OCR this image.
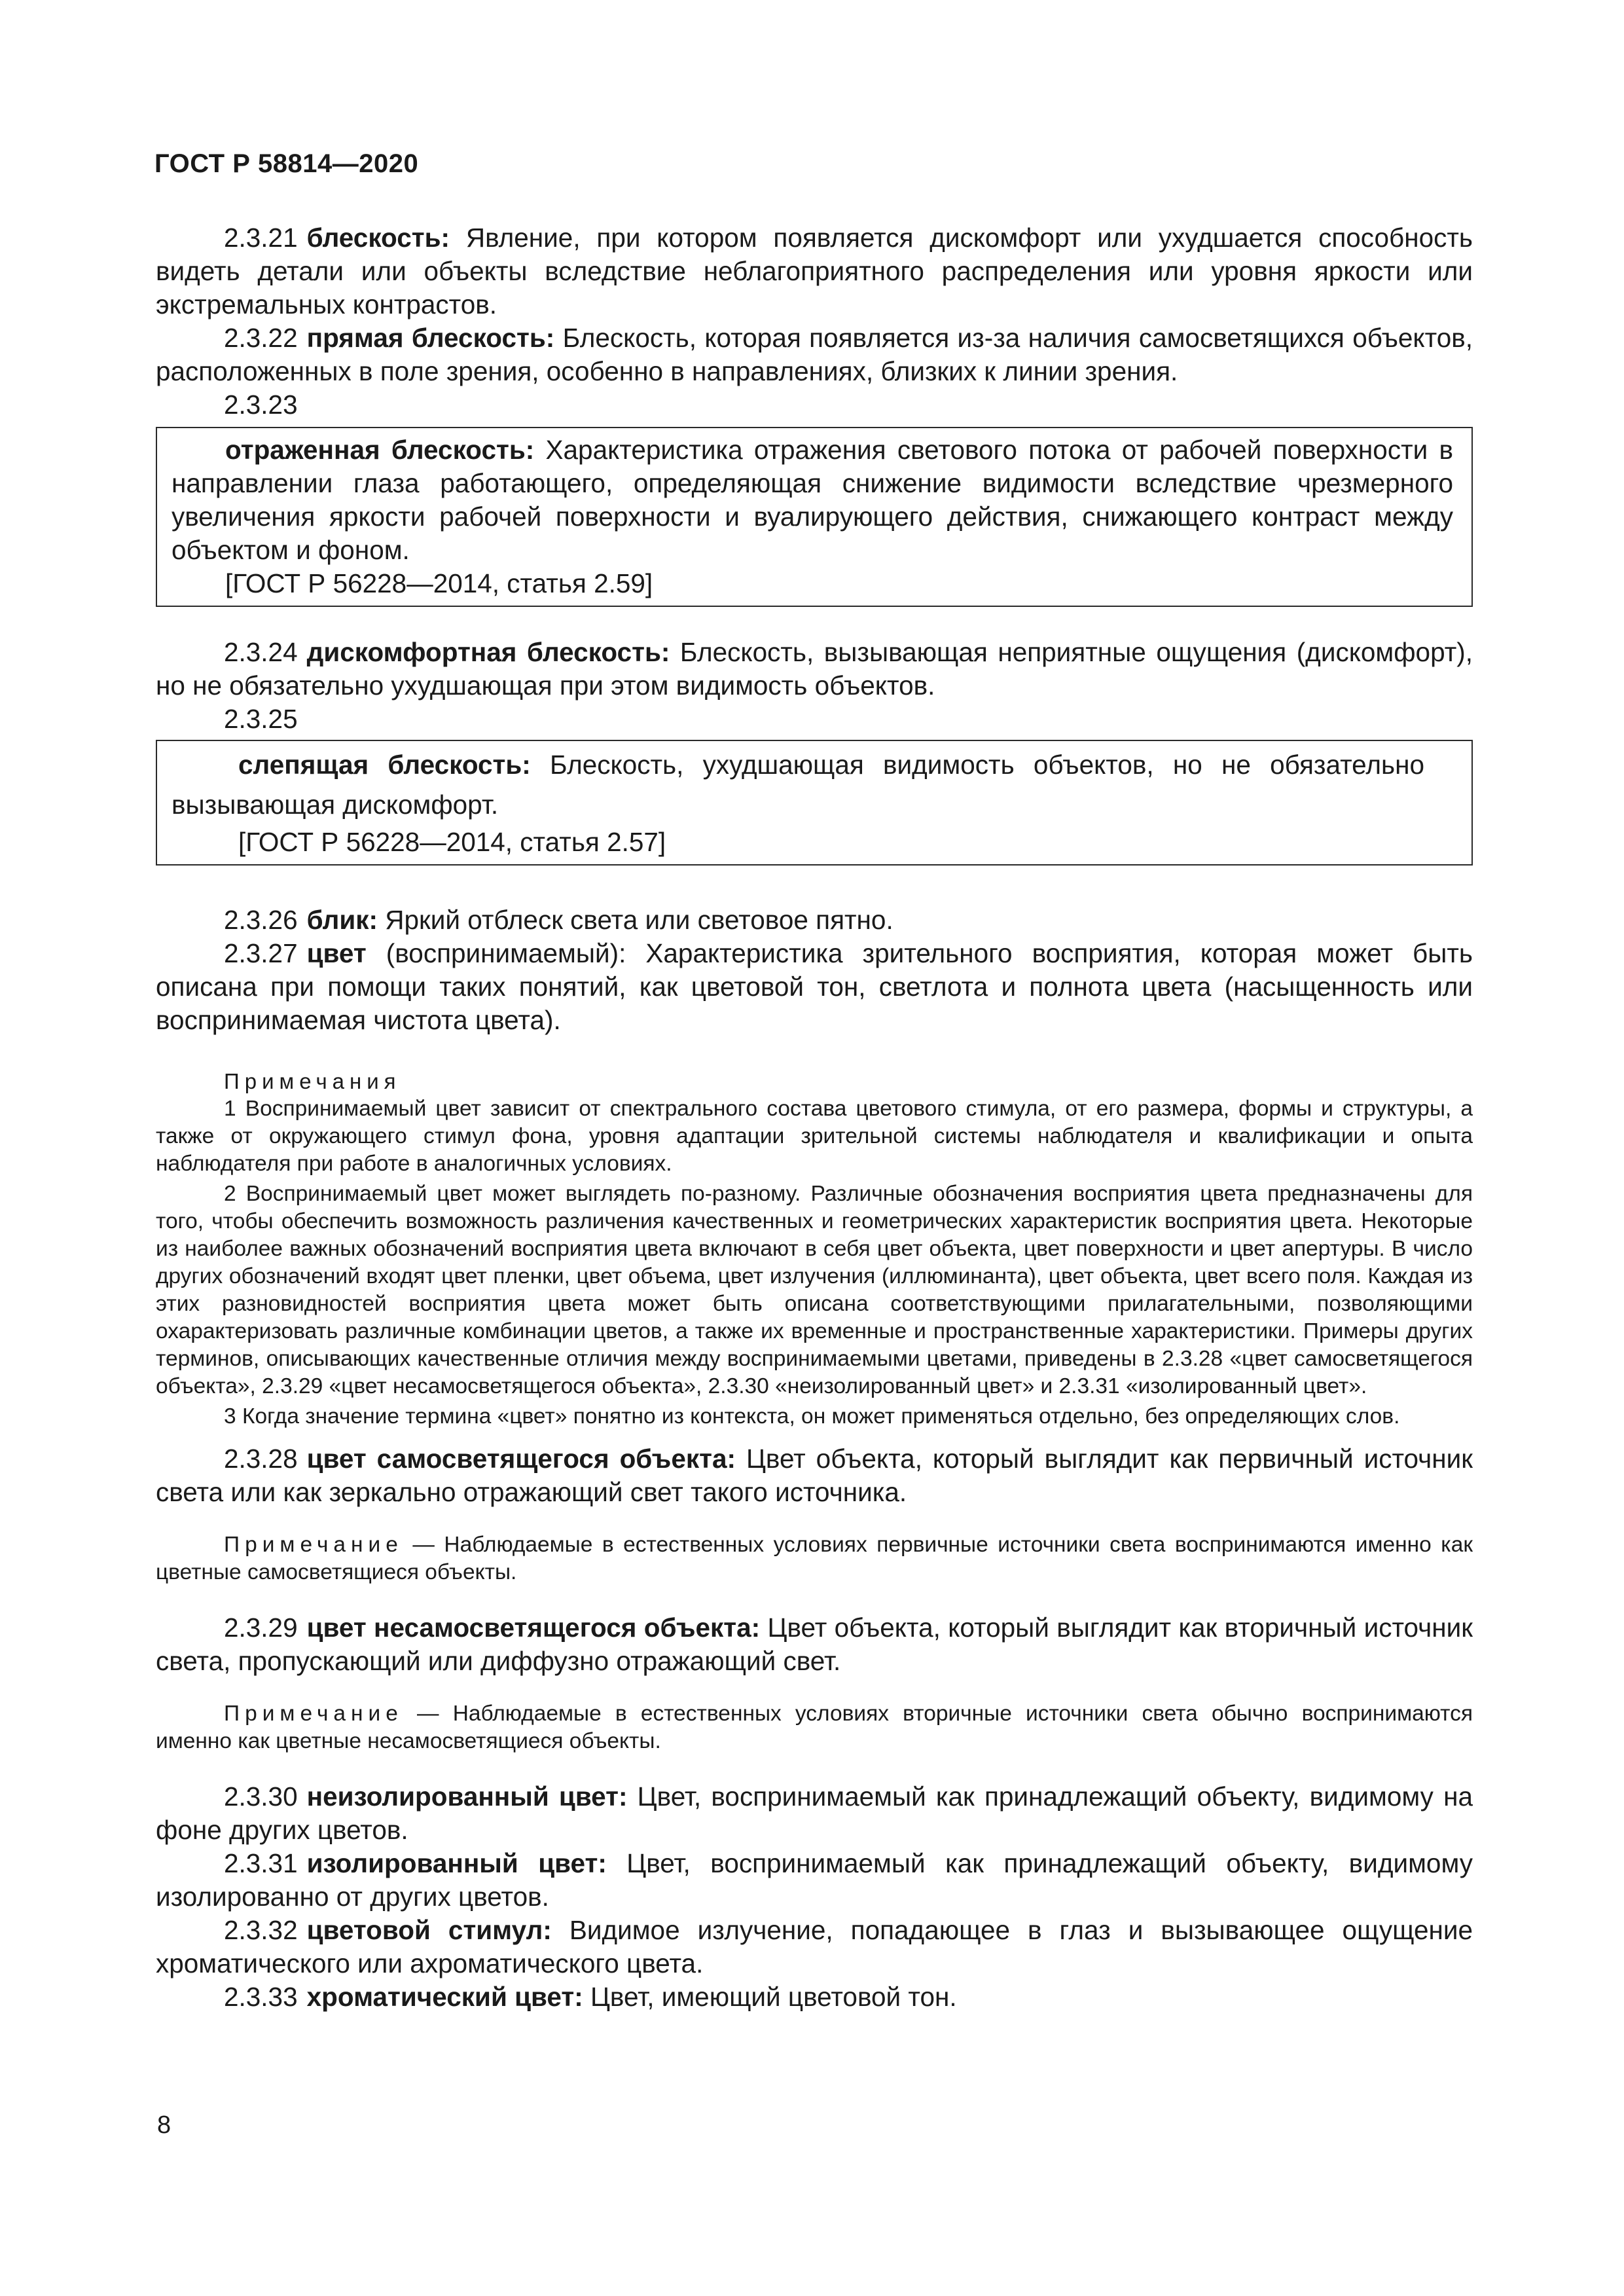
ГОСТ Р 58814—2020

2.3.21 блескость: Явление, при котором появляется дискомфорт или ухудшается способность видеть детали или объекты вследствие неблагоприятного распределения или уровня яркости или экстремальных контрастов.

2.3.22 прямая блескость: Блескость, которая появляется из-за наличия самосветящихся объектов, расположенных в поле зрения, особенно в направлениях, близких к линии зрения.

2.3.23

отраженная блескость: Характеристика отражения светового потока от рабочей поверхности в направлении глаза работающего, определяющая снижение видимости вследствие чрезмерного увеличения яркости рабочей поверхности и вуалирующего действия, снижающего контраст между объектом и фоном.

[ГОСТ Р 56228—2014, статья 2.59]

2.3.24 дискомфортная блескость: Блескость, вызывающая неприятные ощущения (дискомфорт), но не обязательно ухудшающая при этом видимость объектов.

2.3.25

слепящая блескость: Блескость, ухудшающая видимость объектов, но не обязательно вызывающая дискомфорт.

[ГОСТ Р 56228—2014, статья 2.57]

2.3.26 блик: Яркий отблеск света или световое пятно.

2.3.27 цвет (воспринимаемый): Характеристика зрительного восприятия, которая может быть описана при помощи таких понятий, как цветовой тон, светлота и полнота цвета (насыщенность или воспринимаемая чистота цвета).

Примечания

1 Воспринимаемый цвет зависит от спектрального состава цветового стимула, от его размера, формы и структуры, а также от окружающего стимул фона, уровня адаптации зрительной системы наблюдателя и квалификации и опыта наблюдателя при работе в аналогичных условиях.

2 Воспринимаемый цвет может выглядеть по-разному. Различные обозначения восприятия цвета предназначены для того, чтобы обеспечить возможность различения качественных и геометрических характеристик восприятия цвета. Некоторые из наиболее важных обозначений восприятия цвета включают в себя цвет объекта, цвет поверхности и цвет апертуры. В число других обозначений входят цвет пленки, цвет объема, цвет излучения (иллюминанта), цвет объекта, цвет всего поля. Каждая из этих разновидностей восприятия цвета может быть описана соответствующими прилагательными, позволяющими охарактеризовать различные комбинации цветов, а также их временные и пространственные характеристики. Примеры других терминов, описывающих качественные отличия между воспринимаемыми цветами, приведены в 2.3.28 «цвет самосветящегося объекта», 2.3.29 «цвет несамосветящегося объекта», 2.3.30 «неизолированный цвет» и 2.3.31 «изолированный цвет».

3 Когда значение термина «цвет» понятно из контекста, он может применяться отдельно, без определяющих слов.

2.3.28 цвет самосветящегося объекта: Цвет объекта, который выглядит как первичный источник света или как зеркально отражающий свет такого источника.

Примечание — Наблюдаемые в естественных условиях первичные источники света воспринимаются именно как цветные самосветящиеся объекты.

2.3.29 цвет несамосветящегося объекта: Цвет объекта, который выглядит как вторичный источник света, пропускающий или диффузно отражающий свет.

Примечание — Наблюдаемые в естественных условиях вторичные источники света обычно воспринимаются именно как цветные несамосветящиеся объекты.

2.3.30 неизолированный цвет: Цвет, воспринимаемый как принадлежащий объекту, видимому на фоне других цветов.

2.3.31 изолированный цвет: Цвет, воспринимаемый как принадлежащий объекту, видимому изолированно от других цветов.

2.3.32 цветовой стимул: Видимое излучение, попадающее в глаз и вызывающее ощущение хроматического или ахроматического цвета.

2.3.33 хроматический цвет: Цвет, имеющий цветовой тон.

8
